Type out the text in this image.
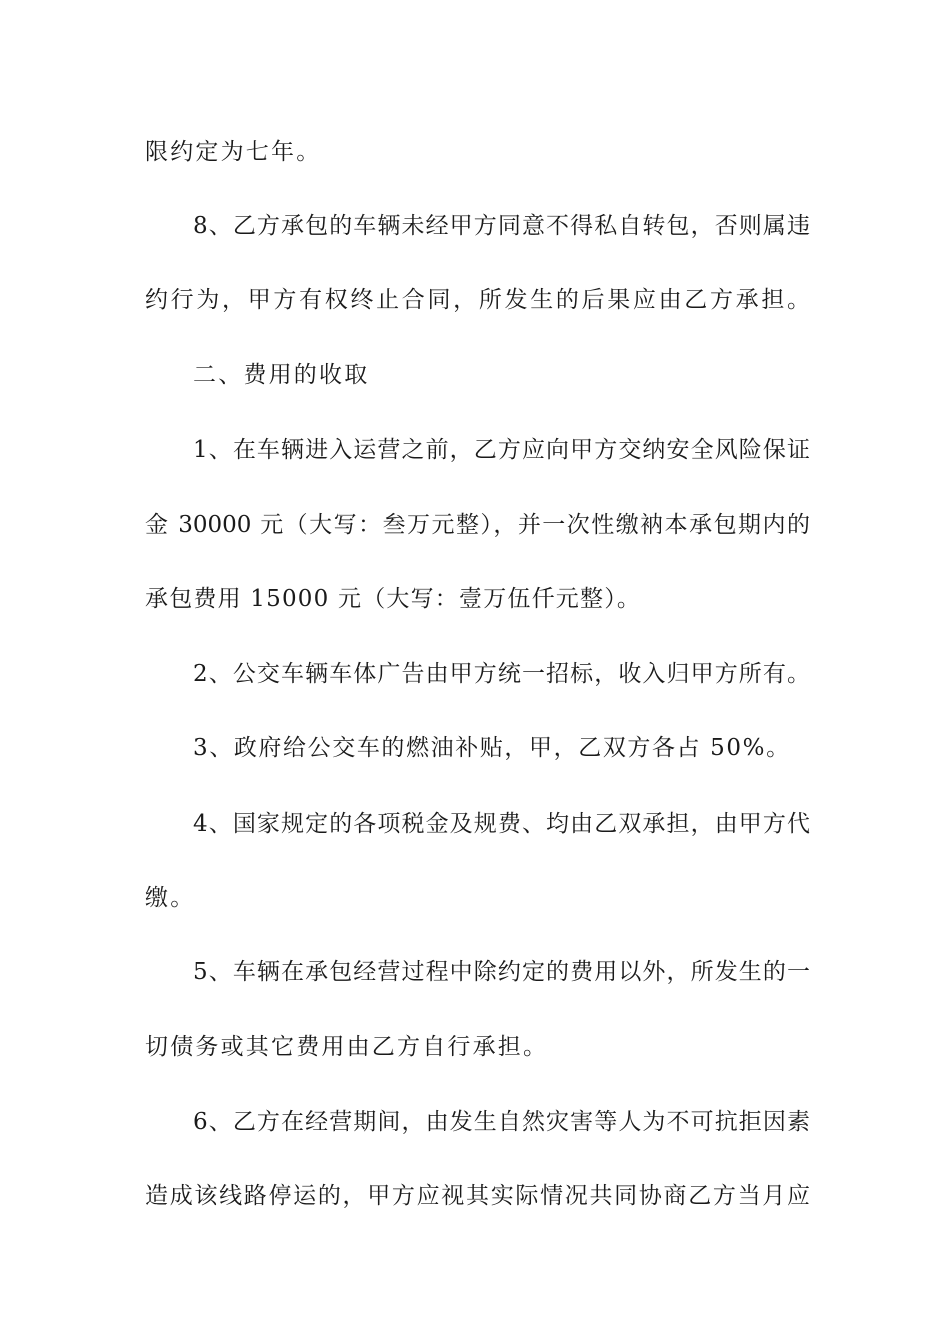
限约定为七年。

8、乙方承包的车辆未经甲方同意不得私自转包，否则属违

约行为，甲方有权终止合同，所发生的后果应由乙方承担。

二、费用的收取

1、在车辆进入运营之前，乙方应向甲方交纳安全风险保证

金 30000 元（大写：叁万元整），并一次性缴衲本承包期内的

承包费用 15000 元（大写：壹万伍仟元整）。

2、公交车辆车体广告由甲方统一招标，收入归甲方所有。

3、政府给公交车的燃油补贴，甲，乙双方各占 50%。

4、国家规定的各项税金及规费、均由乙双承担，由甲方代

缴。

5、车辆在承包经营过程中除约定的费用以外，所发生的一

切债务或其它费用由乙方自行承担。

6、乙方在经营期间，由发生自然灾害等人为不可抗拒因素

造成该线路停运的，甲方应视其实际情况共同协商乙方当月应
